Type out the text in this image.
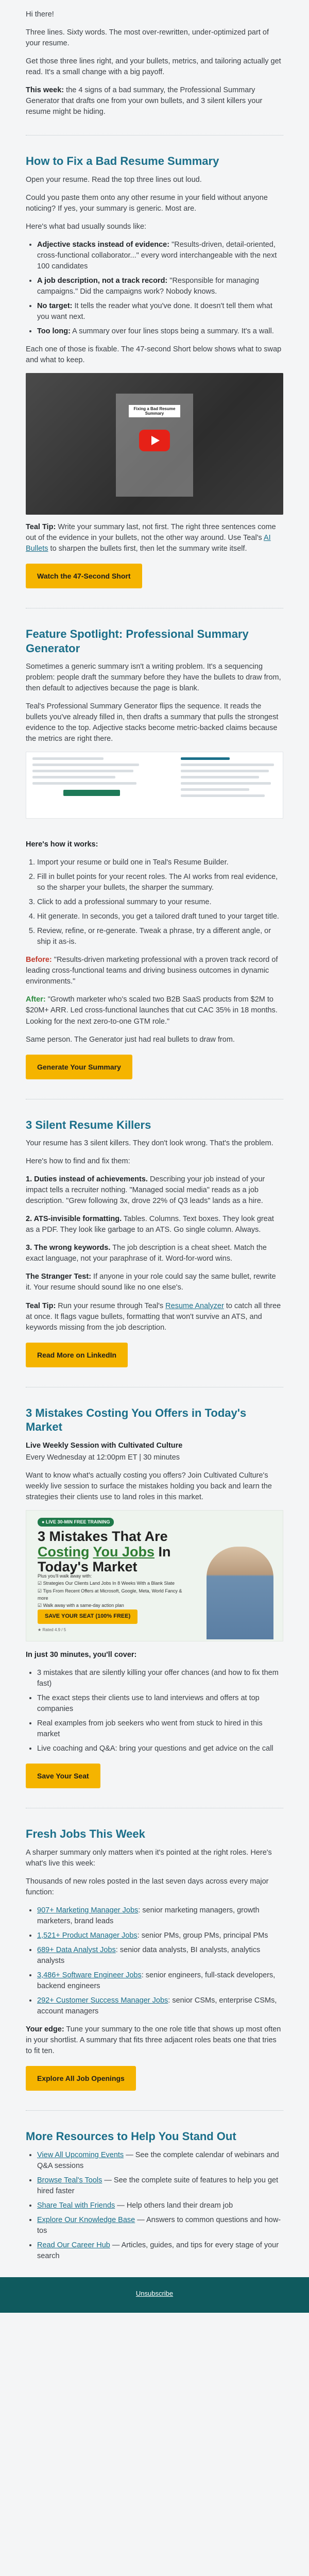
Hi there!

Three lines. Sixty words. The most over-rewritten, under-optimized part of your resume.

Get those three lines right, and your bullets, metrics, and tailoring actually get read. It's a small change with a big payoff.

This week: the 4 signs of a bad summary, the Professional Summary Generator that drafts one from your own bullets, and 3 silent killers your resume might be hiding.

How to Fix a Bad Resume Summary

Open your resume. Read the top three lines out loud.

Could you paste them onto any other resume in your field without anyone noticing? If yes, your summary is generic. Most are.

Here's what bad usually sounds like:

• Adjective stacks instead of evidence: "Results-driven, detail-oriented, cross-functional collaborator..." every word interchangeable with the next 100 candidates
• A job description, not a track record: "Responsible for managing campaigns." Did the campaigns work? Nobody knows.
• No target: It tells the reader what you've done. It doesn't tell them what you want next.
• Too long: A summary over four lines stops being a summary. It's a wall.

Each one of those is fixable. The 47-second Short below shows what to swap and what to keep.

Fixing a Bad Resume Summary

Teal Tip: Write your summary last, not first. The right three sentences come out of the evidence in your bullets, not the other way around. Use Teal's AI Bullets to sharpen the bullets first, then let the summary write itself.

Watch the 47-Second Short
Feature Spotlight: Professional Summary Generator

Sometimes a generic summary isn't a writing problem. It's a sequencing problem: people draft the summary before they have the bullets to draw from, then default to adjectives because the page is blank.

Teal's Professional Summary Generator flips the sequence. It reads the bullets you've already filled in, then drafts a summary that pulls the strongest evidence to the top. Adjective stacks become metric-backed claims because the metrics are right there.

Here's how it works:

1. Import your resume or build one in Teal's Resume Builder.
2. Fill in bullet points for your recent roles. The AI works from real evidence, so the sharper your bullets, the sharper the summary.
3. Click to add a professional summary to your resume.
4. Hit generate. In seconds, you get a tailored draft tuned to your target title.
5. Review, refine, or re-generate. Tweak a phrase, try a different angle, or ship it as-is.

Before: "Results-driven marketing professional with a proven track record of leading cross-functional teams and driving business outcomes in dynamic environments."

After: "Growth marketer who's scaled two B2B SaaS products from $2M to $20M+ ARR. Led cross-functional launches that cut CAC 35% in 18 months. Looking for the next zero-to-one GTM role."

Same person. The Generator just had real bullets to draw from.

Generate Your Summary
3 Silent Resume Killers

Your resume has 3 silent killers. They don't look wrong. That's the problem.

Here's how to find and fix them:

1. Duties instead of achievements. Describing your job instead of your impact tells a recruiter nothing. "Managed social media" reads as a job description. "Grew following 3x, drove 22% of Q3 leads" lands as a hire.

2. ATS-invisible formatting. Tables. Columns. Text boxes. They look great as a PDF. They look like garbage to an ATS. Go single column. Always.

3. The wrong keywords. The job description is a cheat sheet. Match the exact language, not your paraphrase of it. Word-for-word wins.

The Stranger Test: If anyone in your role could say the same bullet, rewrite it. Your resume should sound like no one else's.

Teal Tip: Run your resume through Teal's Resume Analyzer to catch all three at once. It flags vague bullets, formatting that won't survive an ATS, and keywords missing from the job description.

Read More on LinkedIn
3 Mistakes Costing You Offers in Today's Market

Live Weekly Session with Cultivated Culture

Every Wednesday at 12:00pm ET | 30 minutes

Want to know what's actually costing you offers? Join Cultivated Culture's weekly live session to surface the mistakes holding you back and learn the strategies their clients use to land roles in this market.

● LIVE 30-MIN FREE TRAINING
3 Mistakes That Are Costing You Jobs In Today's Market
Plus you'll walk away with:
☑ Strategies Our Clients Land Jobs In 8 Weeks With a Blank Slate
☑ Tips From Recent Offers at Microsoft, Google, Meta, World Fancy & more
☑ Walk away with a same-day action plan
SAVE YOUR SEAT (100% FREE)
★ Rated 4.9 / 5

In just 30 minutes, you'll cover:

• 3 mistakes that are silently killing your offer chances (and how to fix them fast)
• The exact steps their clients use to land interviews and offers at top companies
• Real examples from job seekers who went from stuck to hired in this market
• Live coaching and Q&A: bring your questions and get advice on the call
Save Your Seat
Fresh Jobs This Week

A sharper summary only matters when it's pointed at the right roles. Here's what's live this week:

Thousands of new roles posted in the last seven days across every major function:

• 907+ Marketing Manager Jobs: senior marketing managers, growth marketers, brand leads
• 1,521+ Product Manager Jobs: senior PMs, group PMs, principal PMs
• 689+ Data Analyst Jobs: senior data analysts, BI analysts, analytics analysts
• 3,486+ Software Engineer Jobs: senior engineers, full-stack developers, backend engineers
• 292+ Customer Success Manager Jobs: senior CSMs, enterprise CSMs, account managers

Your edge: Tune your summary to the one role title that shows up most often in your shortlist. A summary that fits three adjacent roles beats one that tries to fit ten.

Explore All Job Openings
More Resources to Help You Stand Out
• View All Upcoming Events — See the complete calendar of webinars and Q&A sessions
• Browse Teal's Tools — See the complete suite of features to help you get hired faster
• Share Teal with Friends — Help others land their dream job
• Explore Our Knowledge Base — Answers to common questions and how-tos
• Read Our Career Hub — Articles, guides, and tips for every stage of your search
Unsubscribe
